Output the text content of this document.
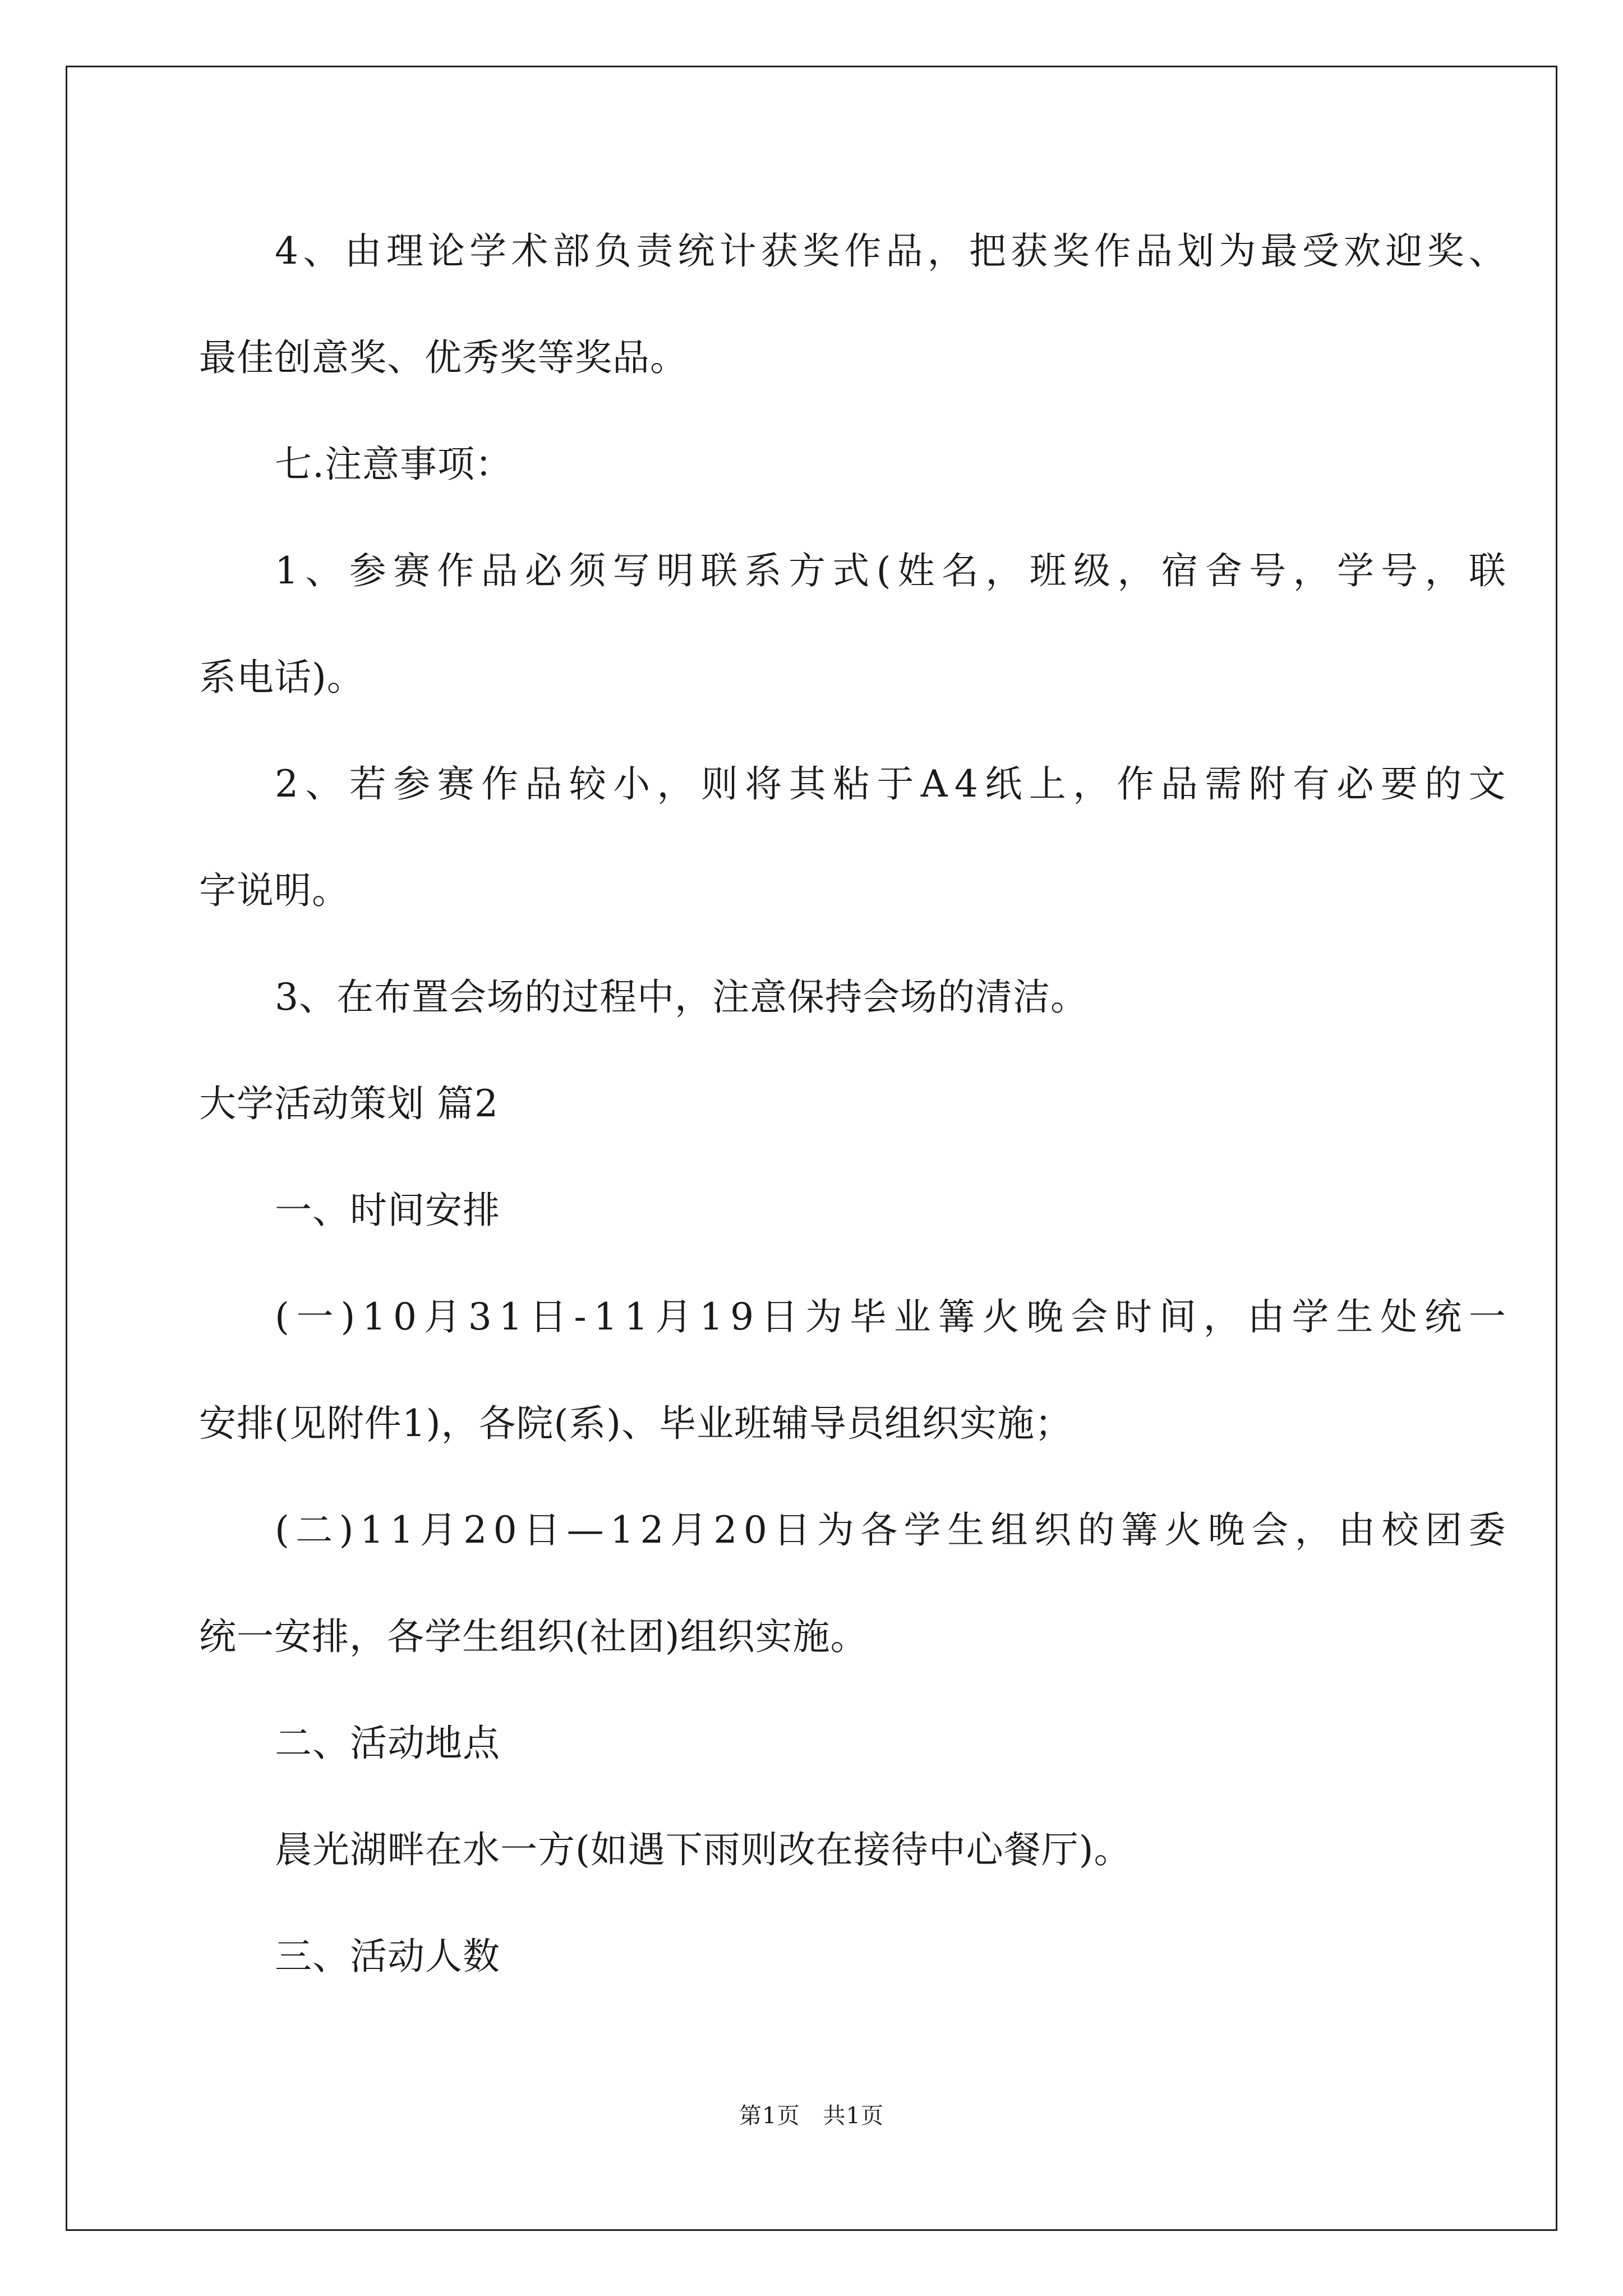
4 、 由 理 论 学 术 部 负 责 统 计 获 奖 作 品 ， 把 获 奖 作 品 划 为 最 受 欢 迎 奖 、
最佳创意奖、优秀奖等奖品。
七.注意事项：
1 、 参 赛 作 品 必 须 写 明 联 系 方 式 ( 姓 名 ， 班 级 ， 宿 舍 号 ， 学 号 ， 联
系电话)。
2 、 若 参 赛 作 品 较 小 ， 则 将 其 粘 于 A 4 纸 上 ， 作 品 需 附 有 必 要 的 文
字说明。
3、在布置会场的过程中，注意保持会场的清洁。
大学活动策划 篇2
一、时间安排
( 一 ) 1 0 月 3 1 日 - 1 1 月 1 9 日 为 毕 业 篝 火 晚 会 时 间 ， 由 学 生 处 统 一
安排(见附件1)，各院(系)、毕业班辅导员组织实施；
( 二 ) 1 1 月 2 0 日 — 1 2 月 2 0 日 为 各 学 生 组 织 的 篝 火 晚 会 ， 由 校 团 委
统一安排，各学生组织(社团)组织实施。
二、活动地点
晨光湖畔在水一方(如遇下雨则改在接待中心餐厅)。
三、活动人数
第1页　共1页
